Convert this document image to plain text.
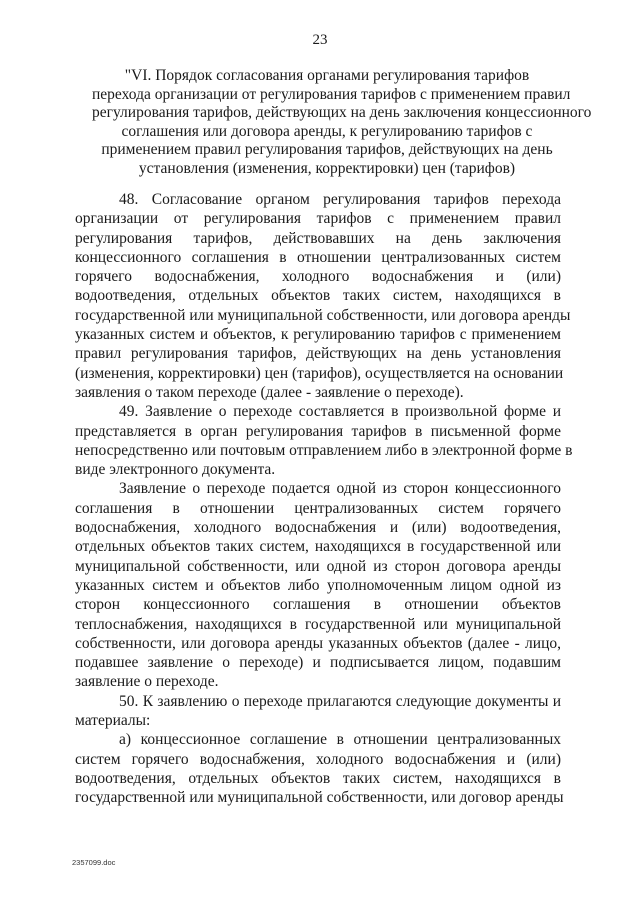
23
"VI. Порядок согласования органами регулирования тарифов
перехода организации от регулирования тарифов с применением правил
регулирования тарифов, действующих на день заключения концессионного
соглашения или договора аренды, к регулированию тарифов с
применением правил регулирования тарифов, действующих на день
установления (изменения, корректировки) цен (тарифов)
48. Согласование органом регулирования тарифов перехода
организации от регулирования тарифов с применением правил
регулирования тарифов, действовавших на день заключения
концессионного соглашения в отношении централизованных систем
горячего водоснабжения, холодного водоснабжения и (или)
водоотведения, отдельных объектов таких систем, находящихся в
государственной или муниципальной собственности, или договора аренды
указанных систем и объектов, к регулированию тарифов с применением
правил регулирования тарифов, действующих на день установления
(изменения, корректировки) цен (тарифов), осуществляется на основании
заявления о таком переходе (далее - заявление о переходе).
49. Заявление о переходе составляется в произвольной форме и
представляется в орган регулирования тарифов в письменной форме
непосредственно или почтовым отправлением либо в электронной форме в
виде электронного документа.
Заявление о переходе подается одной из сторон концессионного
соглашения в отношении централизованных систем горячего
водоснабжения, холодного водоснабжения и (или) водоотведения,
отдельных объектов таких систем, находящихся в государственной или
муниципальной собственности, или одной из сторон договора аренды
указанных систем и объектов либо уполномоченным лицом одной из
сторон концессионного соглашения в отношении объектов
теплоснабжения, находящихся в государственной или муниципальной
собственности, или договора аренды указанных объектов (далее - лицо,
подавшее заявление о переходе) и подписывается лицом, подавшим
заявление о переходе.
50. К заявлению о переходе прилагаются следующие документы и
материалы:
а) концессионное соглашение в отношении централизованных
систем горячего водоснабжения, холодного водоснабжения и (или)
водоотведения, отдельных объектов таких систем, находящихся в
государственной или муниципальной собственности, или договор аренды
2357099.doc
